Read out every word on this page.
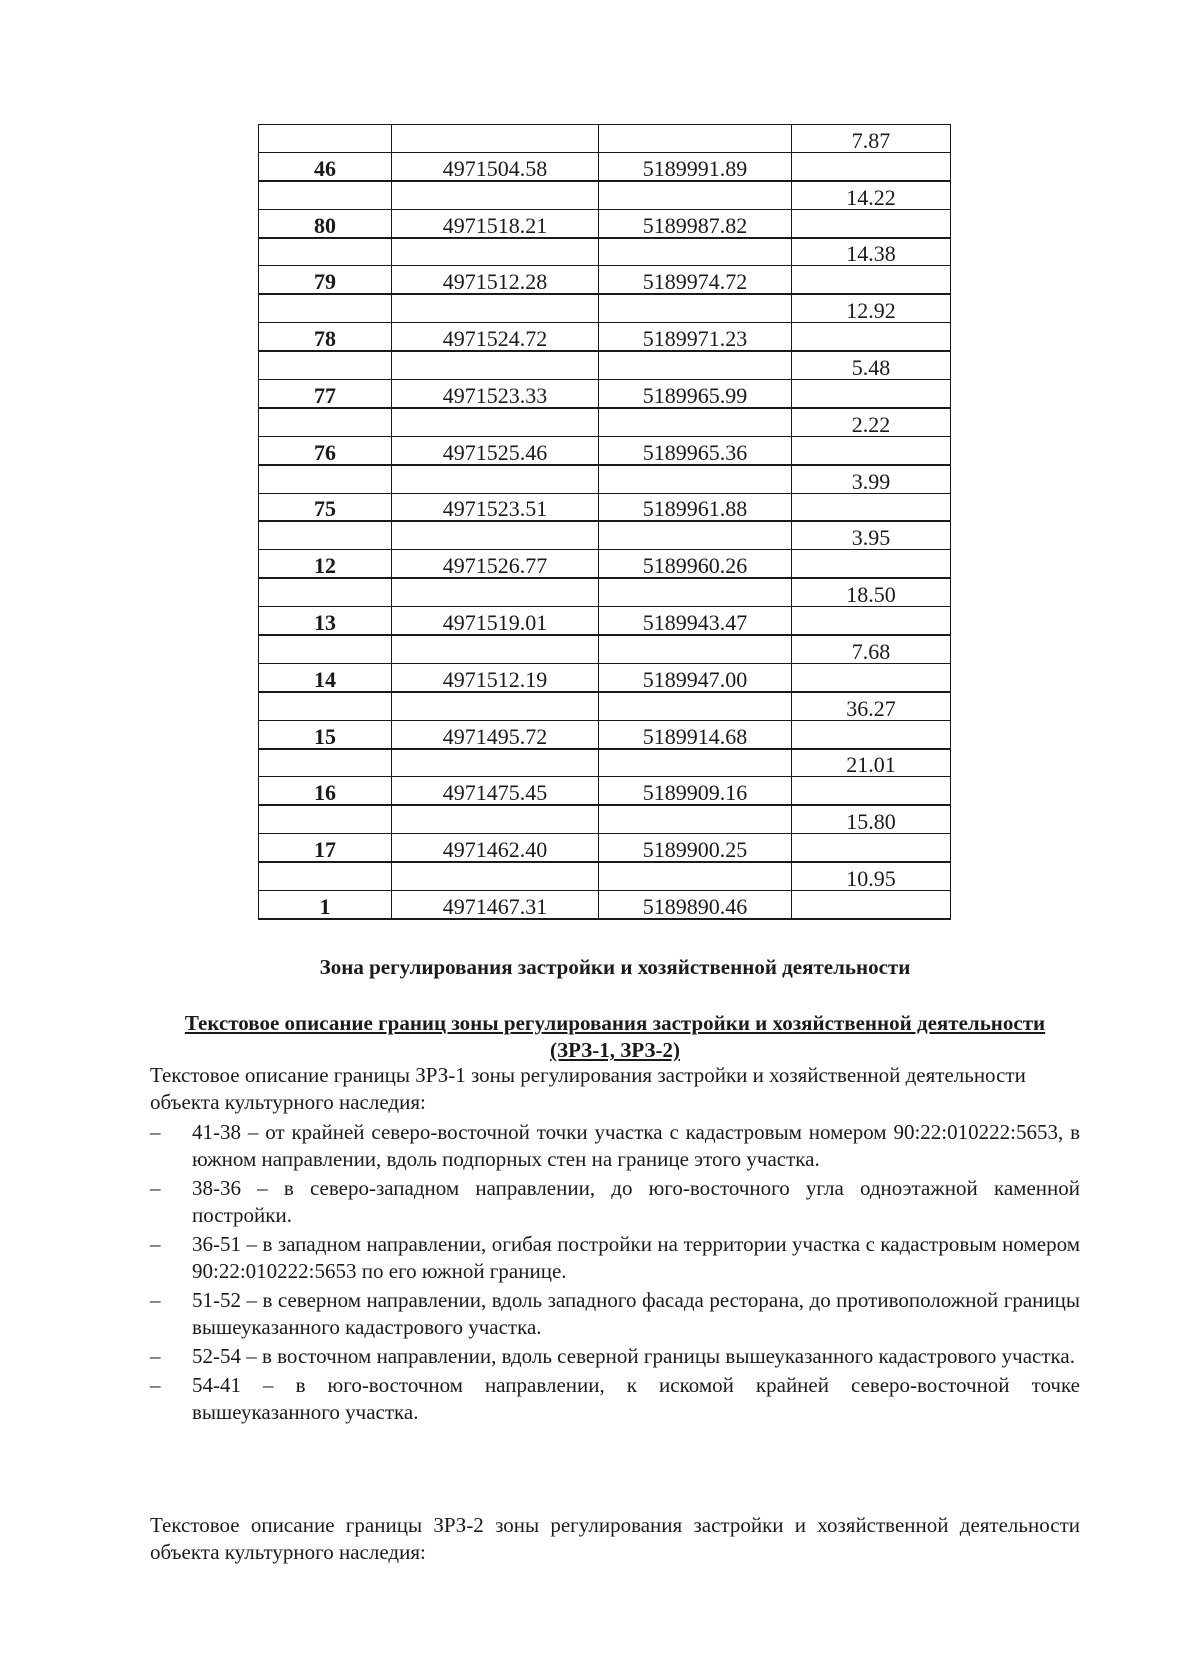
			7.87
46	4971504.58	5189991.89	
			14.22
80	4971518.21	5189987.82	
			14.38
79	4971512.28	5189974.72	
			12.92
78	4971524.72	5189971.23	
			5.48
77	4971523.33	5189965.99	
			2.22
76	4971525.46	5189965.36	
			3.99
75	4971523.51	5189961.88	
			3.95
12	4971526.77	5189960.26	
			18.50
13	4971519.01	5189943.47	
			7.68
14	4971512.19	5189947.00	
			36.27
15	4971495.72	5189914.68	
			21.01
16	4971475.45	5189909.16	
			15.80
17	4971462.40	5189900.25	
			10.95
1	4971467.31	5189890.46	
Зона регулирования застройки и хозяйственной деятельности
Текстовое описание границ зоны регулирования застройки и хозяйственной деятельности (ЗРЗ-1, ЗРЗ-2)

Текстовое описание границы ЗРЗ-1 зоны регулирования застройки и хозяйственной деятельности объекта культурного наследия:

– 41-38 – от крайней северо-восточной точки участка с кадастровым номером 90:22:010222:5653, в южном направлении, вдоль подпорных стен на границе этого участка.
– 38-36 – в северо-западном направлении, до юго-восточного угла одноэтажной каменной постройки.
– 36-51 – в западном направлении, огибая постройки на территории участка с кадастровым номером 90:22:010222:5653 по его южной границе.
– 51-52 – в северном направлении, вдоль западного фасада ресторана, до противоположной границы вышеуказанного кадастрового участка.
– 52-54 – в восточном направлении, вдоль северной границы вышеуказанного кадастрового участка.
– 54-41 – в юго-восточном направлении, к искомой крайней северо-восточной точке вышеуказанного участка.

Текстовое описание границы ЗРЗ-2 зоны регулирования застройки и хозяйственной деятельности объекта культурного наследия:
